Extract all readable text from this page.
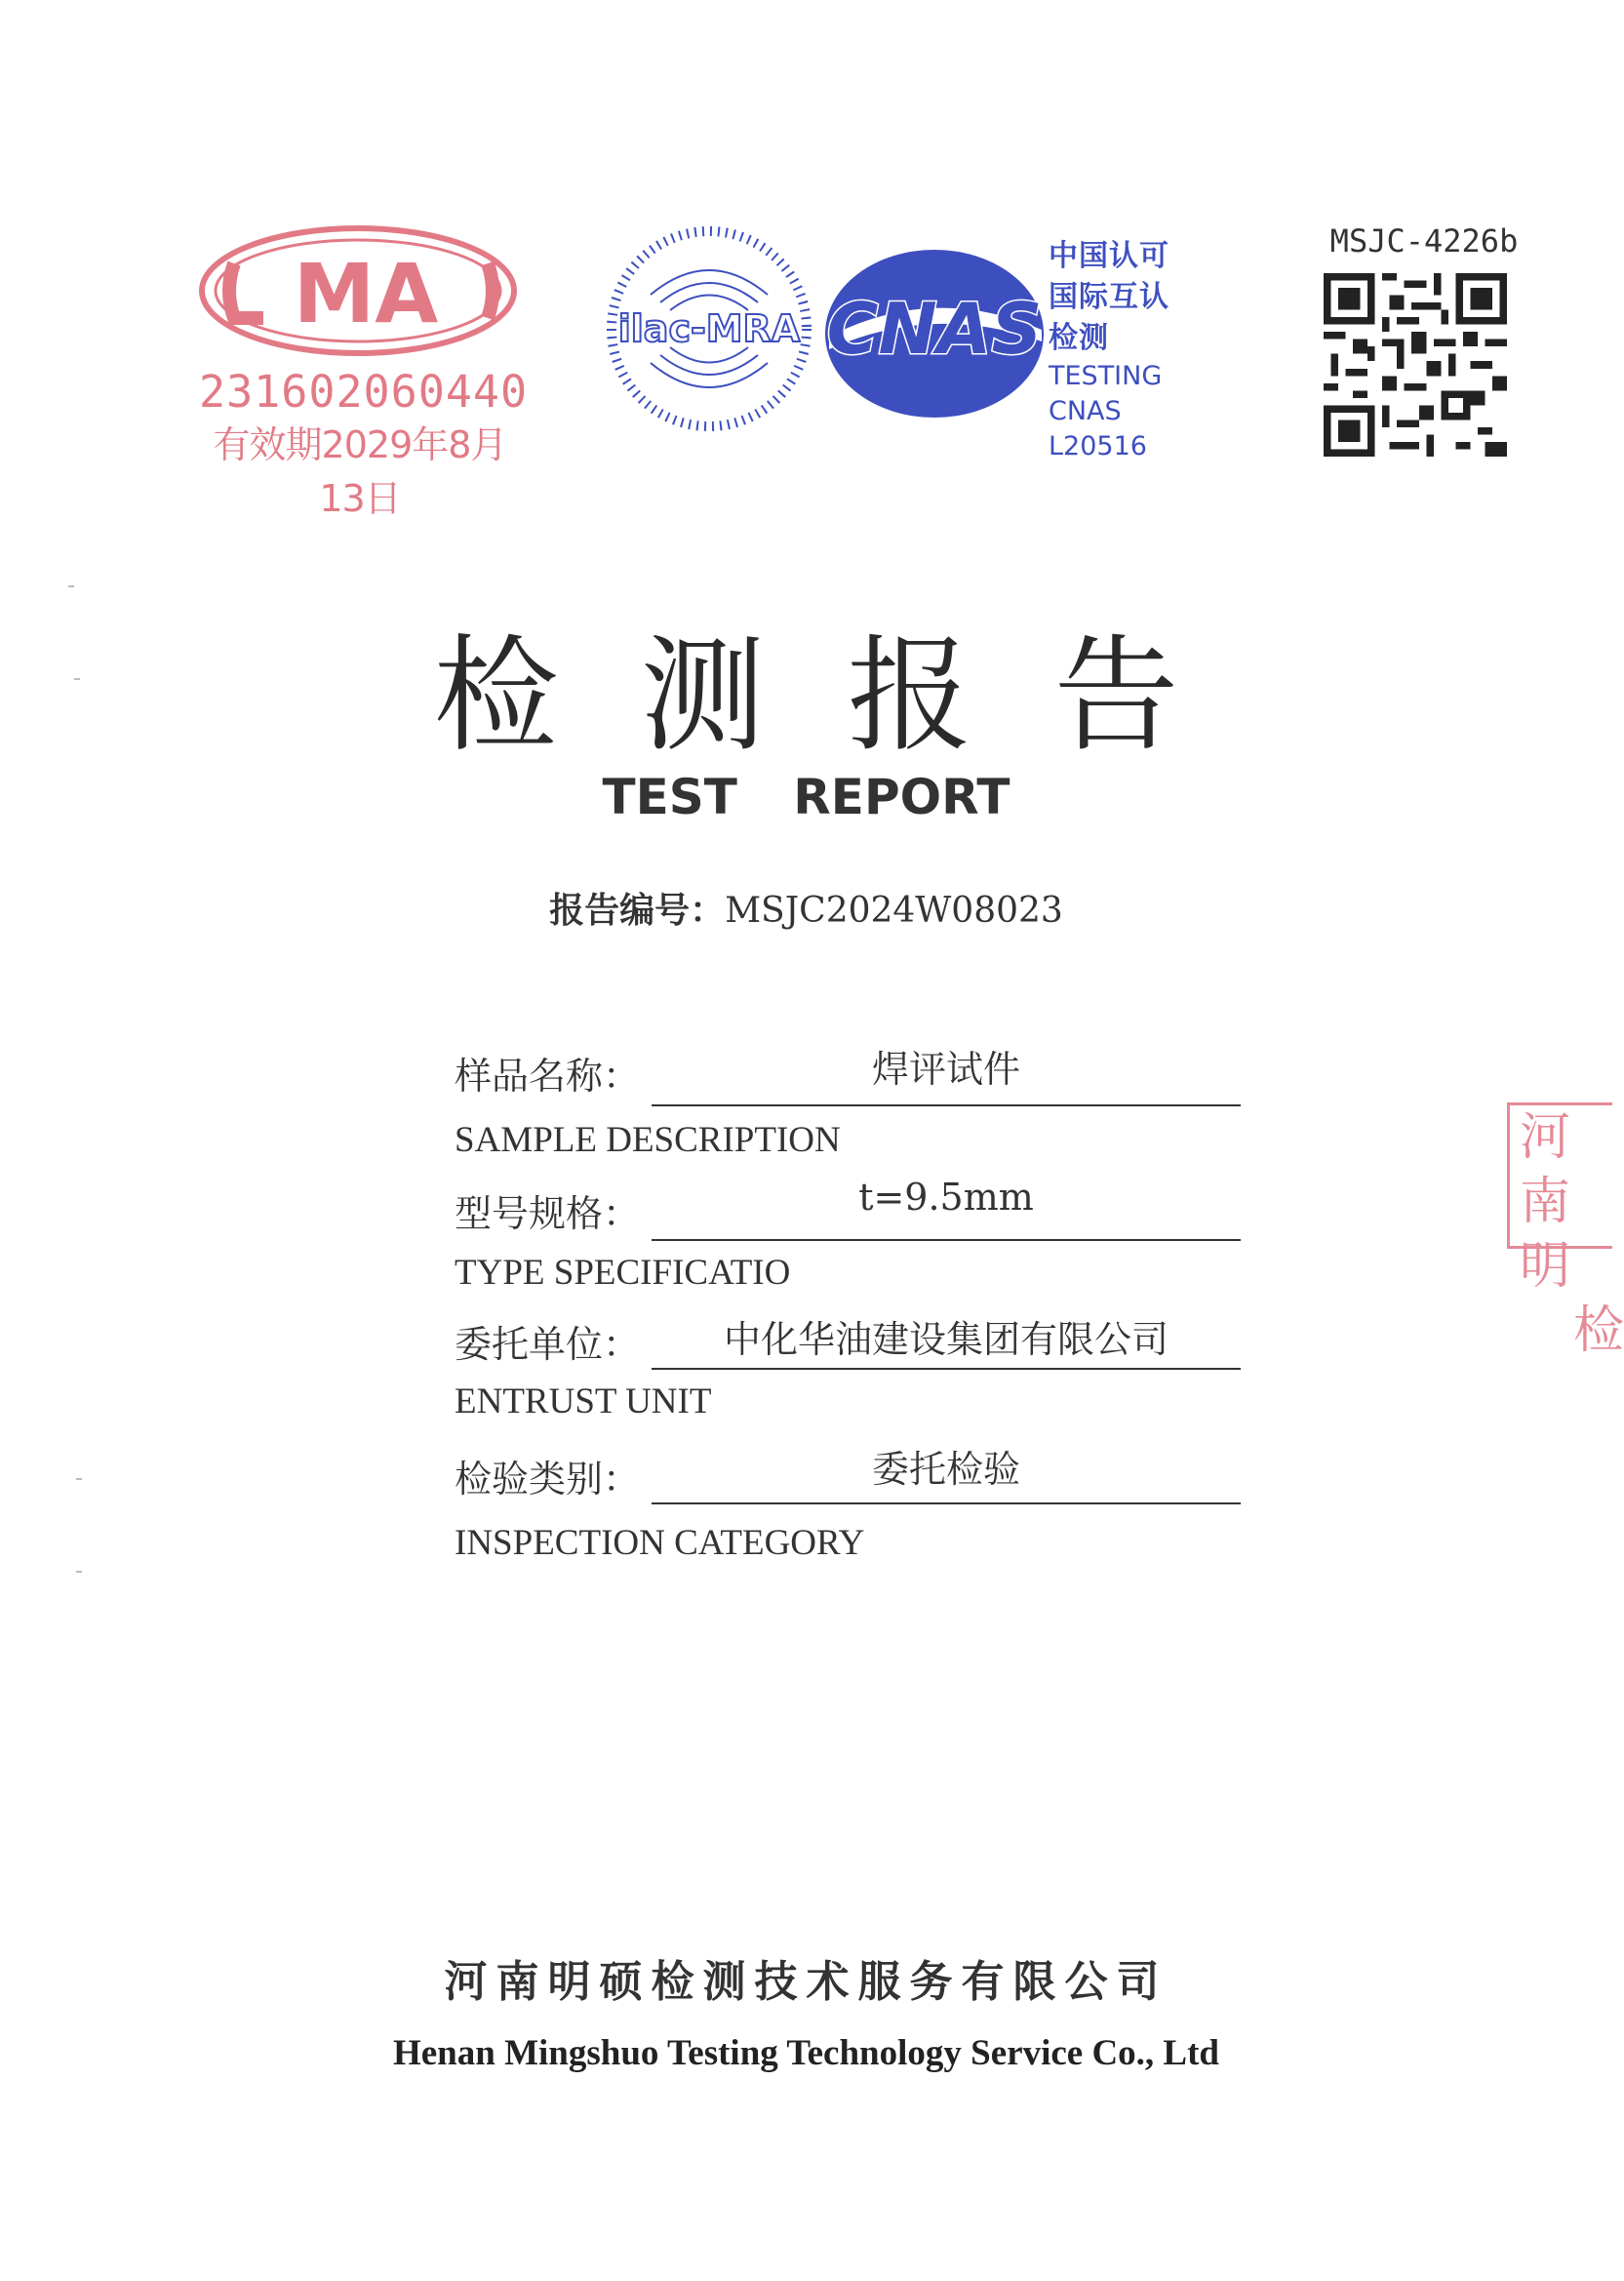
MA
231602060440
有效期2029年8月13日
ilac-MRA CNAS
中国认可
国际互认
检测
TESTING
CNAS L20516
MSJC-4226b
检测报告
TEST REPORT
报告编号：MSJC2024W08023
样品名称：	焊评试件
SAMPLE DESCRIPTION
型号规格：	t=9.5mm
TYPE SPECIFICATIO
委托单位：	中化华油建设集团有限公司
ENTRUST UNIT
检验类别：	委托检验
INSPECTION CATEGORY
河南明
检
河南明硕检测技术服务有限公司
Henan Mingshuo Testing Technology Service Co., Ltd
